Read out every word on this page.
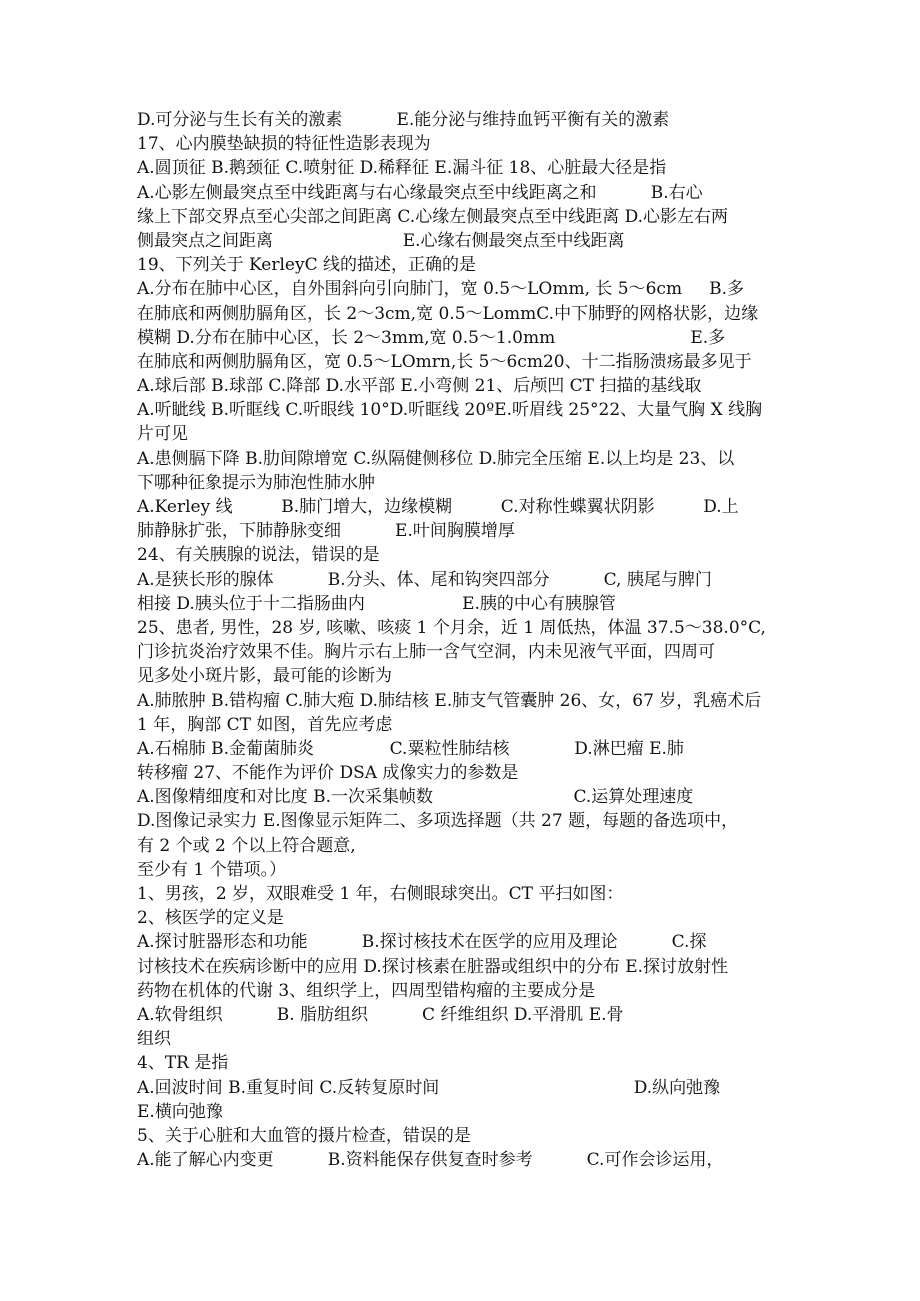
D.可分泌与生长有关的激素          E.能分泌与维持血钙平衡有关的激素
17、心内膜垫缺损的特征性造影表现为
A.圆顶征 B.鹅颈征 C.喷射征 D.稀释征 E.漏斗征 18、心脏最大径是指
A.心影左侧最突点至中线距离与右心缘最突点至中线距离之和          B.右心
缘上下部交界点至心尖部之间距离 C.心缘左侧最突点至中线距离 D.心影左右两
侧最突点之间距离                        E.心缘右侧最突点至中线距离
19、下列关于 KerleyC 线的描述，正确的是
A.分布在肺中心区，自外围斜向引向肺门，宽 0.5～LOmm, 长 5～6cm     B.多
在肺底和两侧肋膈角区，长 2～3cm,宽 0.5～LommC.中下肺野的网格状影，边缘
模糊 D.分布在肺中心区，长 2～3mm,宽 0.5～1.0mm                         E.多
在肺底和两侧肋膈角区，宽 0.5～LOmrn,长 5～6cm20、十二指肠溃疡最多见于
A.球后部 B.球部 C.降部 D.水平部 E.小弯侧 21、后颅凹 CT 扫描的基线取
A.听眦线 B.听眶线 C.听眼线 10°D.听眶线 20ºE.听眉线 25°22、大量气胸 X 线胸
片可见
A.患侧膈下降 B.肋间隙增宽 C.纵隔健侧移位 D.肺完全压缩 E.以上均是 23、以
下哪种征象提示为肺泡性肺水肿
A.Kerley 线         B.肺门增大，边缘模糊         C.对称性蝶翼状阴影         D.上
肺静脉扩张，下肺静脉变细          E.叶间胸膜增厚
24、有关胰腺的说法，错误的是
A.是狭长形的腺体          B.分头、体、尾和钩突四部分          C, 胰尾与脾门
相接 D.胰头位于十二指肠曲内                  E.胰的中心有胰腺管
25、患者, 男性，28 岁, 咳嗽、咳痰 1 个月余，近 1 周低热，体温 37.5～38.0°C,
门诊抗炎治疗效果不佳。胸片示右上肺一含气空洞，内未见液气平面，四周可
见多处小斑片影，最可能的诊断为
A.肺脓肿 B.错构瘤 C.肺大疱 D.肺结核 E.肺支气管囊肿 26、女，67 岁，乳癌术后
1 年，胸部 CT 如图，首先应考虑
A.石棉肺 B.金葡菌肺炎              C.粟粒性肺结核            D.淋巴瘤 E.肺
转移瘤 27、不能作为评价 DSA 成像实力的参数是
A.图像精细度和对比度 B.一次采集帧数                          C.运算处理速度
D.图像记录实力 E.图像显示矩阵二、多项选择题（共 27 题，每题的备选项中，
有 2 个或 2 个以上符合题意,
至少有 1 个错项。）
1、男孩，2 岁，双眼难受 1 年，右侧眼球突出。CT 平扫如图：
2、核医学的定义是
A.探讨脏器形态和功能          B.探讨核技术在医学的应用及理论          C.探
讨核技术在疾病诊断中的应用 D.探讨核素在脏器或组织中的分布 E.探讨放射性
药物在机体的代谢 3、组织学上，四周型错构瘤的主要成分是
A.软骨组织          B. 脂肪组织          C 纤维组织 D.平滑肌 E.骨
组织
4、TR 是指
A.回波时间 B.重复时间 C.反转复原时间                                    D.纵向弛豫
E.横向弛豫
5、关于心脏和大血管的摄片检查，错误的是
A.能了解心内变更          B.资料能保存供复查时参考          C.可作会诊运用，
